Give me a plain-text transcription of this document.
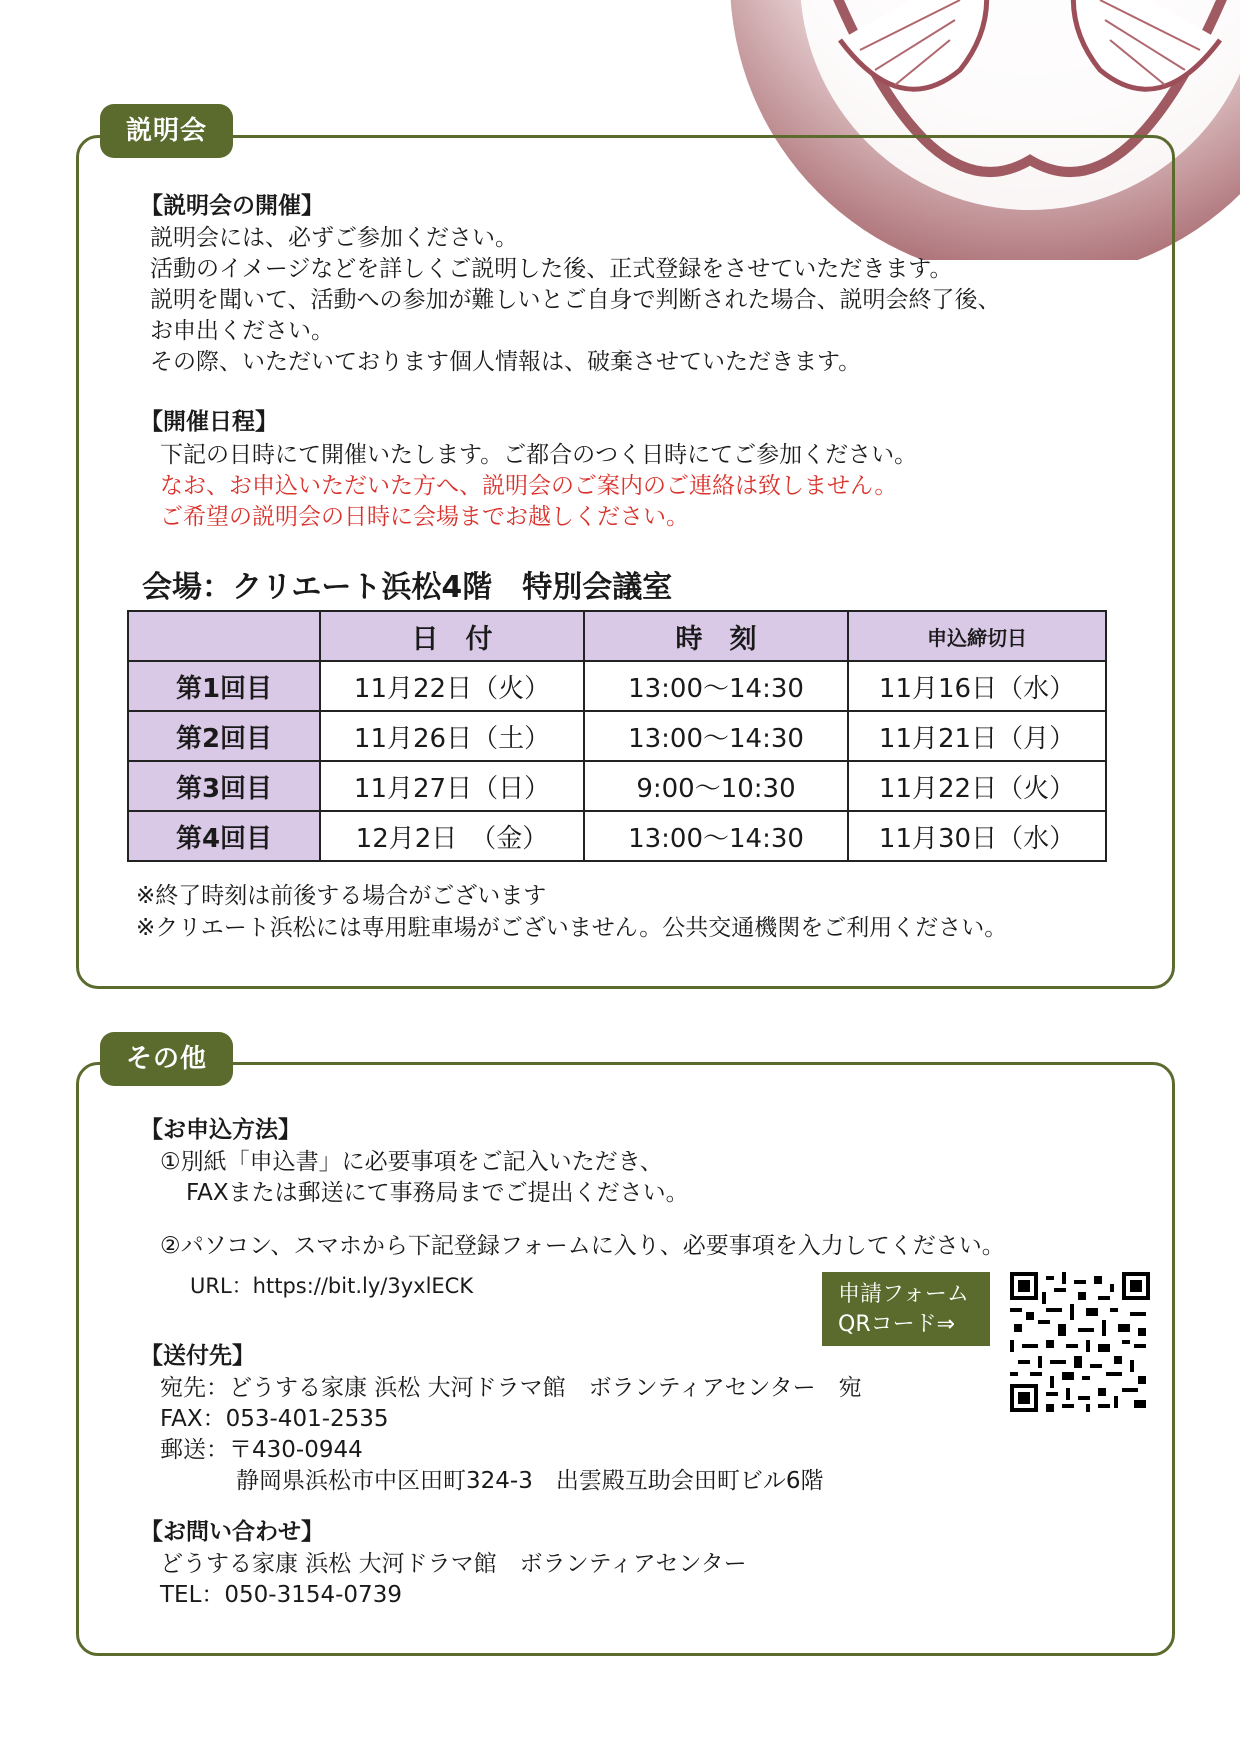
説明会
【説明会の開催】
説明会には、必ずご参加ください。
活動のイメージなどを詳しくご説明した後、正式登録をさせていただきます。
説明を聞いて、活動への参加が難しいとご自身で判断された場合、説明会終了後、
お申出ください。
その際、いただいております個人情報は、破棄させていただきます。
【開催日程】
下記の日時にて開催いたします。ご都合のつく日時にてご参加ください。
なお、お申込いただいた方へ、説明会のご案内のご連絡は致しません。
ご希望の説明会の日時に会場までお越しください。
会場：クリエート浜松4階　特別会議室
	日　付	時　刻	申込締切日
第1回目	11月22日（火）	13:00～14:30	11月16日（水）
第2回目	11月26日（土）	13:00～14:30	11月21日（月）
第3回目	11月27日（日）	9:00～10:30	11月22日（火）
第4回目	12月2日　（金）	13:00～14:30	11月30日（水）
※終了時刻は前後する場合がございます
※クリエート浜松には専用駐車場がございません。公共交通機関をご利用ください。
その他
【お申込方法】
①別紙「申込書」に必要事項をご記入いただき、
FAXまたは郵送にて事務局までご提出ください。
②パソコン、スマホから下記登録フォームに入り、必要事項を入力してください。
URL：https://bit.ly/3yxlECK	申請フォーム
QRコード⇒
【送付先】
宛先：どうする家康 浜松 大河ドラマ館　ボランティアセンター　宛
FAX：053-401-2535
郵送：〒430-0944
静岡県浜松市中区田町324-3　出雲殿互助会田町ビル6階
【お問い合わせ】
どうする家康 浜松 大河ドラマ館　ボランティアセンター
TEL：050-3154-0739
